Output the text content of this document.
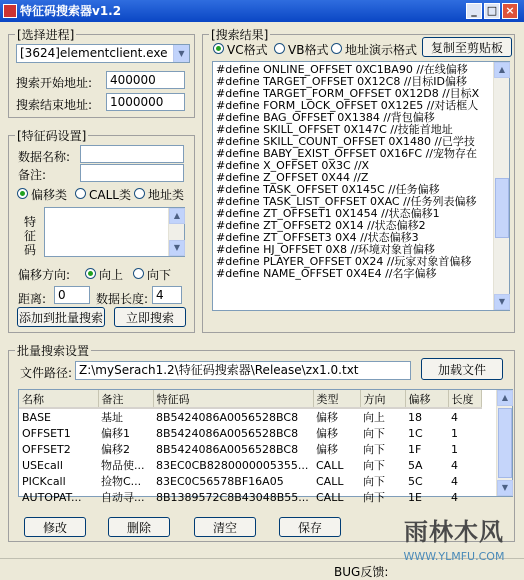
特征码搜索器v1.2	_ □ ×
[选择进程]
[3624]elementclient.exe	▼
搜索开始地址:	400000
搜索结束地址:	1000000
[特征码设置]
数据名称:
备注:
偏移类 CALL类 地址类
特
征
码
▲
▼
偏移方向: 向上 向下
距离: 0	数据长度: 4
添加到批量搜索	立即搜索
[搜索结果]
VC格式 VB格式 地址演示格式	复制至剪贴板
#define ONLINE_OFFSET 0XC1BA90 //在线偏移
#define TARGET_OFFSET 0X12C8 //目标ID偏移
#define TARGET_FORM_OFFSET 0X12D8 //目标X
#define FORM_LOCK_OFFSET 0X12E5 //对话框人
#define BAG_OFFSET 0X1384 //背包偏移
#define SKILL_OFFSET 0X147C //技能首地址
#define SKILL_COUNT_OFFSET 0X1480 //已学技
#define BABY_EXIST_OFFSET 0X16FC //宠物存在
#define X_OFFSET 0X3C //X
#define Z_OFFSET 0X44 //Z
#define TASK_OFFSET 0X145C //任务偏移
#define TASK_LIST_OFFSET 0XAC //任务列表偏移
#define ZT_OFFSET1 0X1454 //状态偏移1
#define ZT_OFFSET2 0X14 //状态偏移2
#define ZT_OFFSET3 0X4 //状态偏移3
#define HJ_OFFSET 0X8 //环境对象首偏移
#define PLAYER_OFFSET 0X24 //玩家对象首偏移
#define NAME_OFFSET 0X4E4 //名字偏移
▲
▼
批量搜索设置
文件路径: Z:\mySerach1.2\特征码搜索器\Release\zx1.0.txt	加载文件
名称	备注	特征码	类型	方向	偏移	长度
BASE	基址	8B5424086A0056528BC8	偏移	向上	18	4
OFFSET1	偏移1	8B5424086A0056528BC8	偏移	向下	1C	1
OFFSET2	偏移2	8B5424086A0056528BC8	偏移	向下	1F	1
USEcall	物品使...	83EC0CB8280000005355...	CALL	向下	5A	4
PICKcall	捡物C...	83EC0C56578BF16A05	CALL	向下	5C	4
AUTOPAT...	自动寻...	8B1389572C8B43048B55...	CALL	向下	1E	4
▲
▼
修改	删除	清空	保存
BUG反馈:
雨林木风
WWW.YLMFU.COM
